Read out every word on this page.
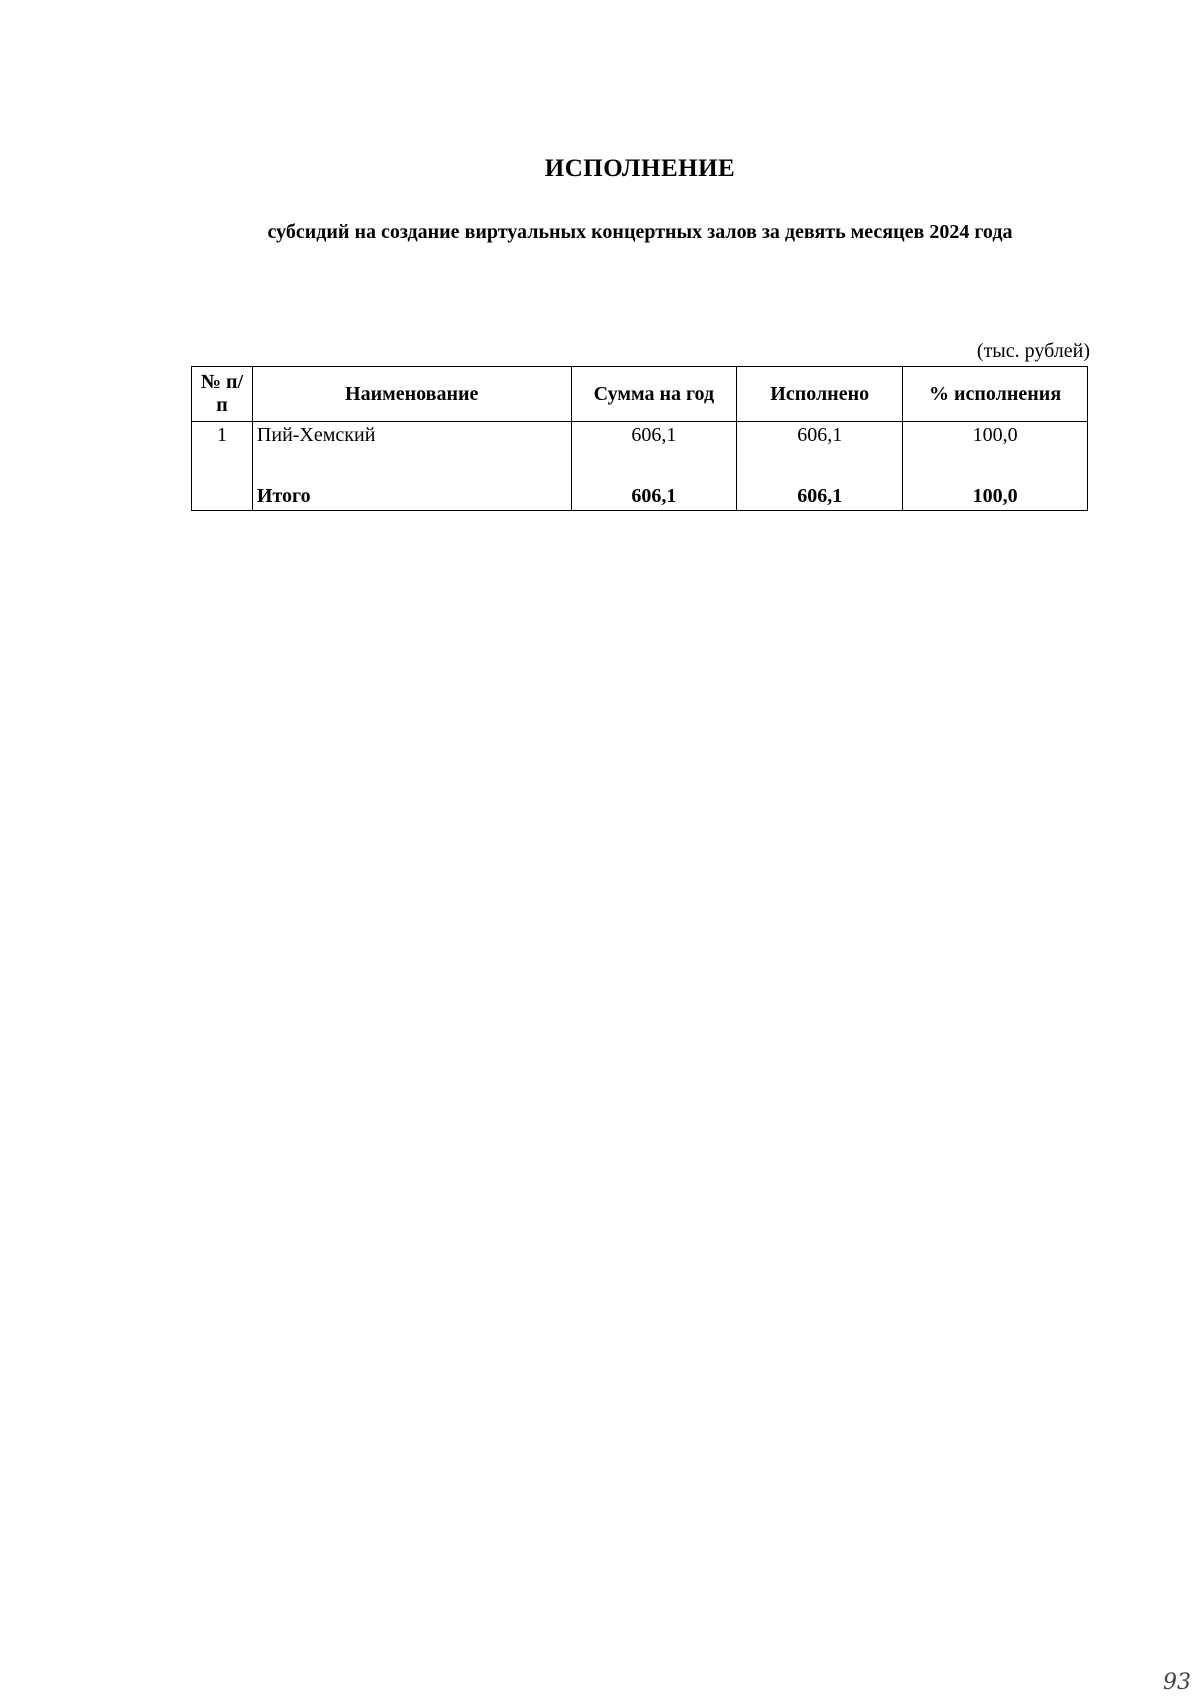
ИСПОЛНЕНИЕ
субсидий на создание виртуальных концертных залов за девять месяцев 2024 года
(тыс. рублей)
№ п/п	Наименование	Сумма на год	Исполнено	% исполнения
1	Пий-Хемский	606,1	606,1	100,0
	Итого	606,1	606,1	100,0
93
